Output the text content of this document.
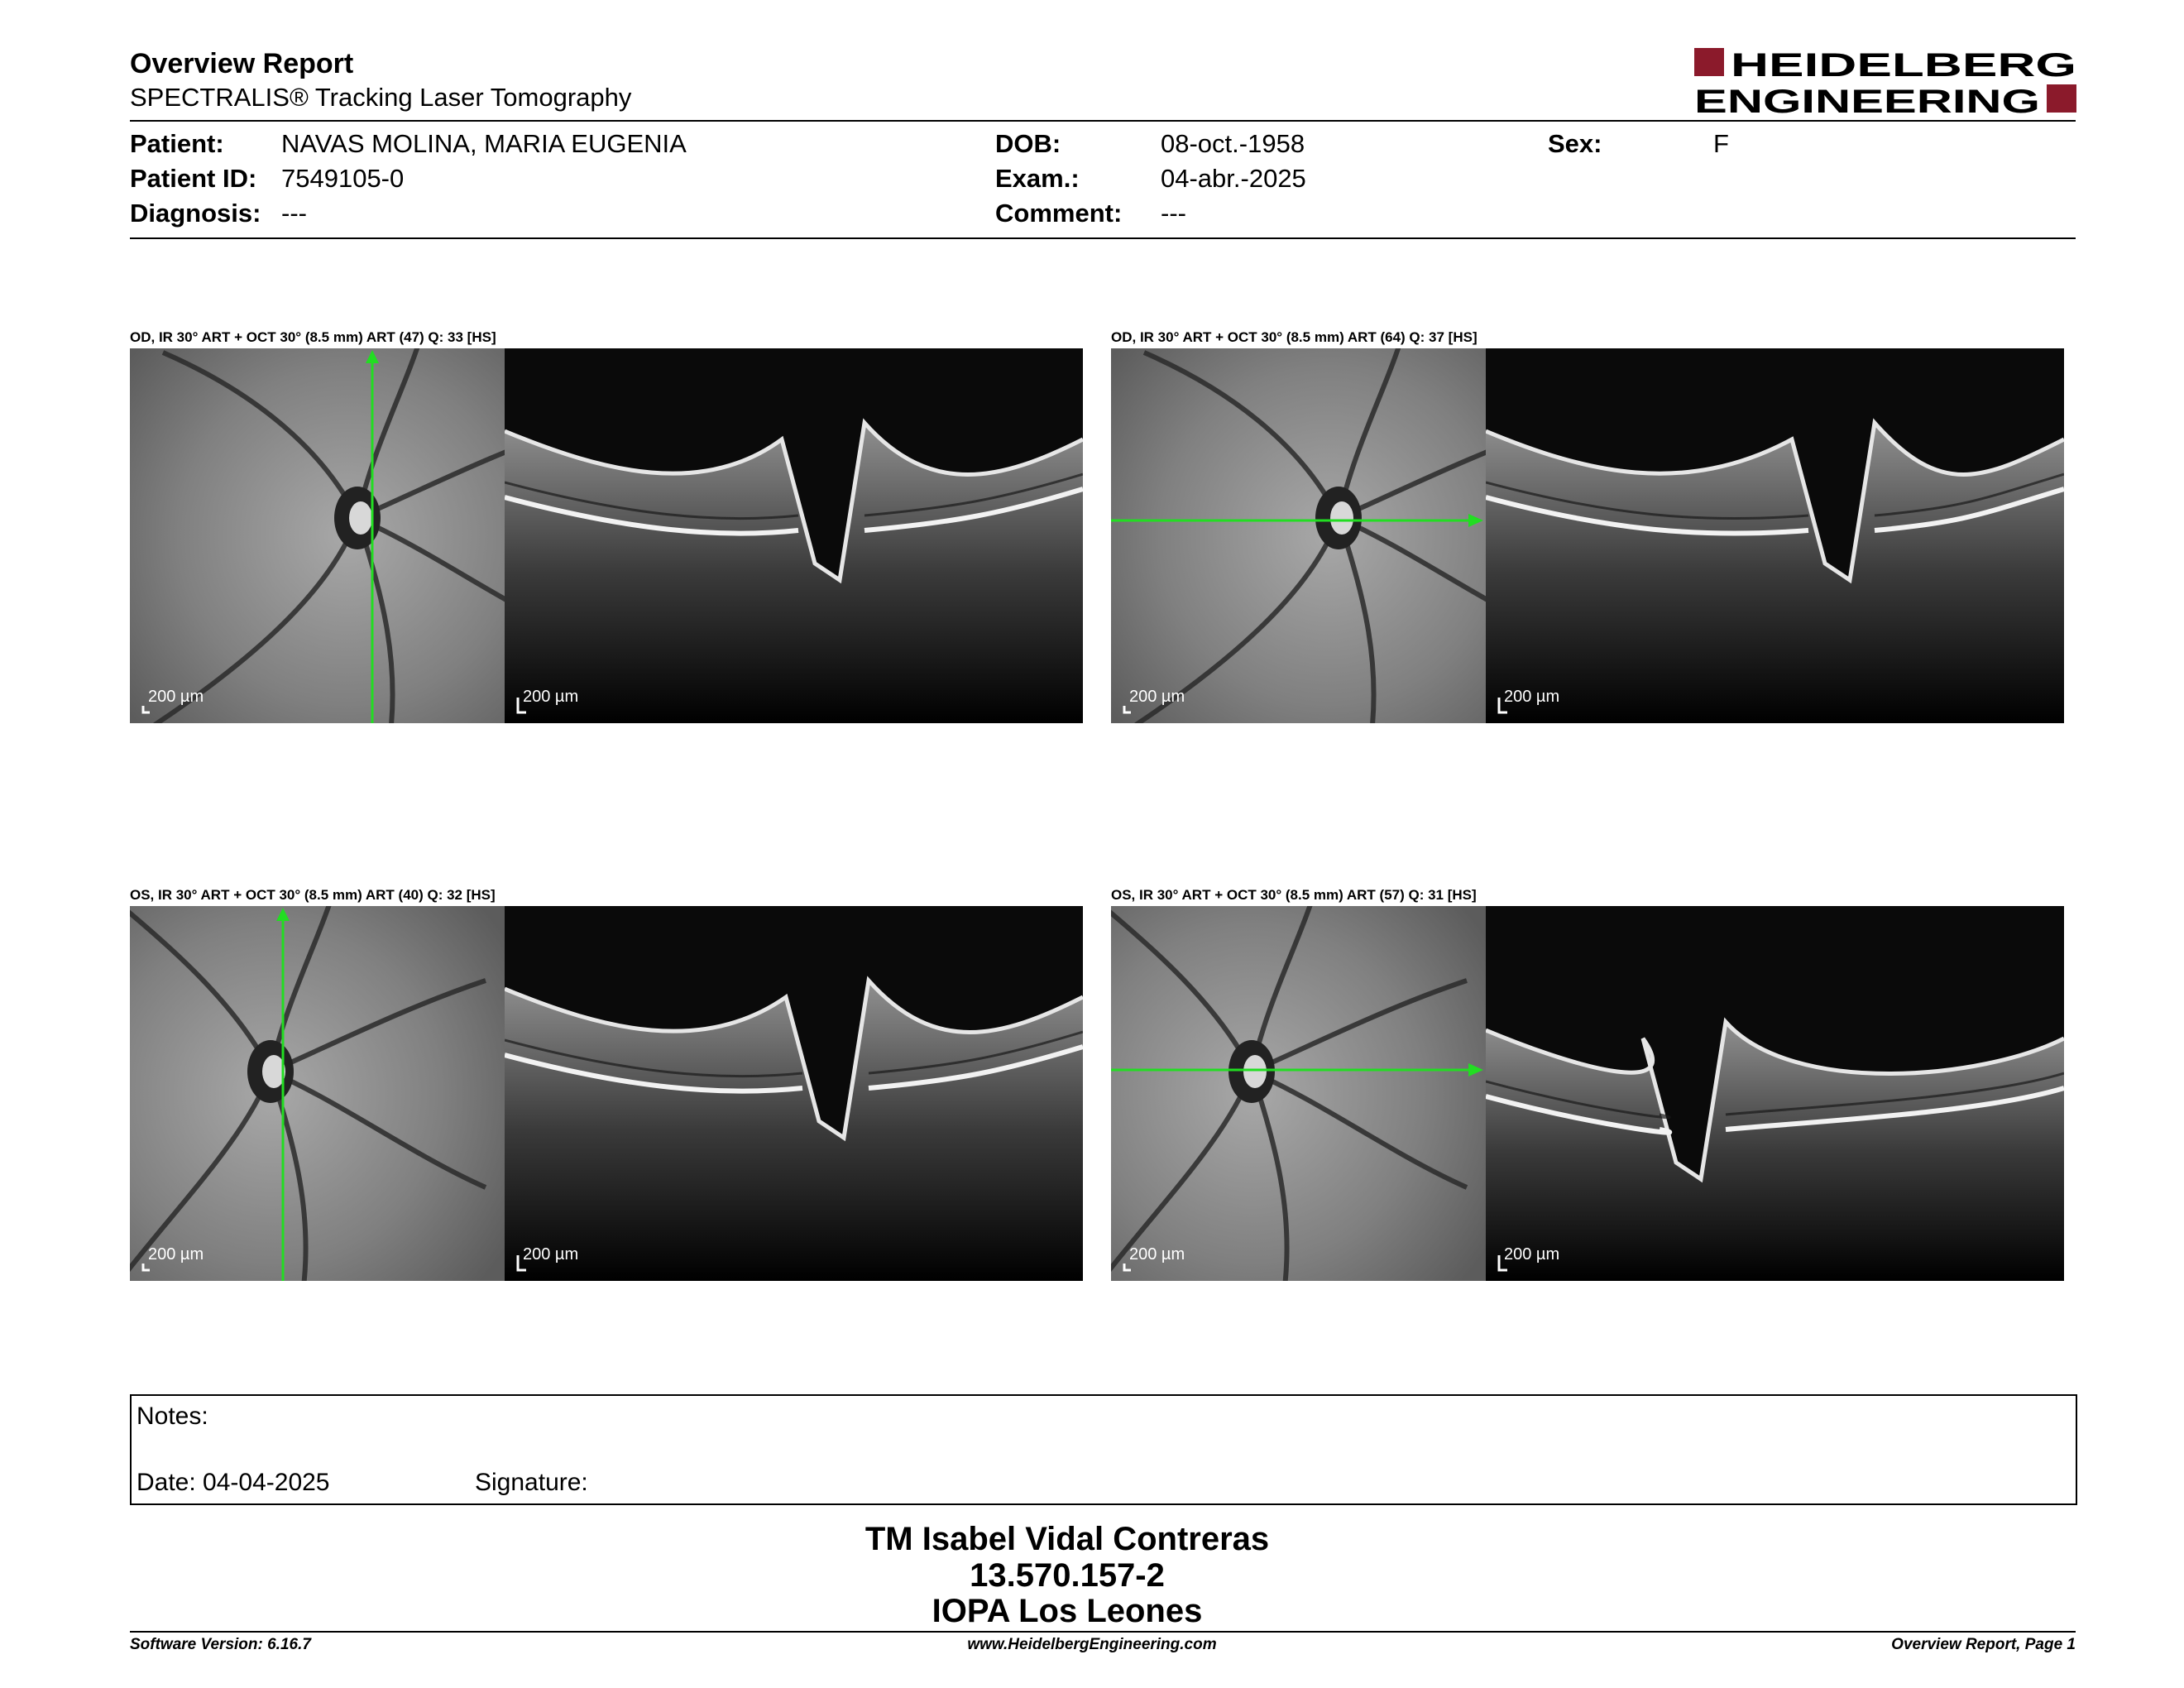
Overview Report
SPECTRALIS® Tracking Laser Tomography
HEIDELBERG
ENGINEERING
Patient: NAVAS MOLINA, MARIA EUGENIA
Patient ID: 7549105-0
Diagnosis: ---
DOB:	08-oct.-1958
Exam.:	04-abr.-2025
Comment: ---
Sex:	F
OD, IR 30° ART + OCT 30° (8.5 mm) ART (47) Q: 33 [HS]
200 µm	200 µm
OD, IR 30° ART + OCT 30° (8.5 mm) ART (64) Q: 37 [HS]
200 µm	200 µm
OS, IR 30° ART + OCT 30° (8.5 mm) ART (40) Q: 32 [HS]
200 µm	200 µm
OS, IR 30° ART + OCT 30° (8.5 mm) ART (57) Q: 31 [HS]
200 µm	200 µm
Notes:
Date: 04-04-2025	Signature:
TM Isabel Vidal Contreras
13.570.157-2
IOPA Los Leones
Software Version: 6.16.7	www.HeidelbergEngineering.com	Overview Report, Page 1
